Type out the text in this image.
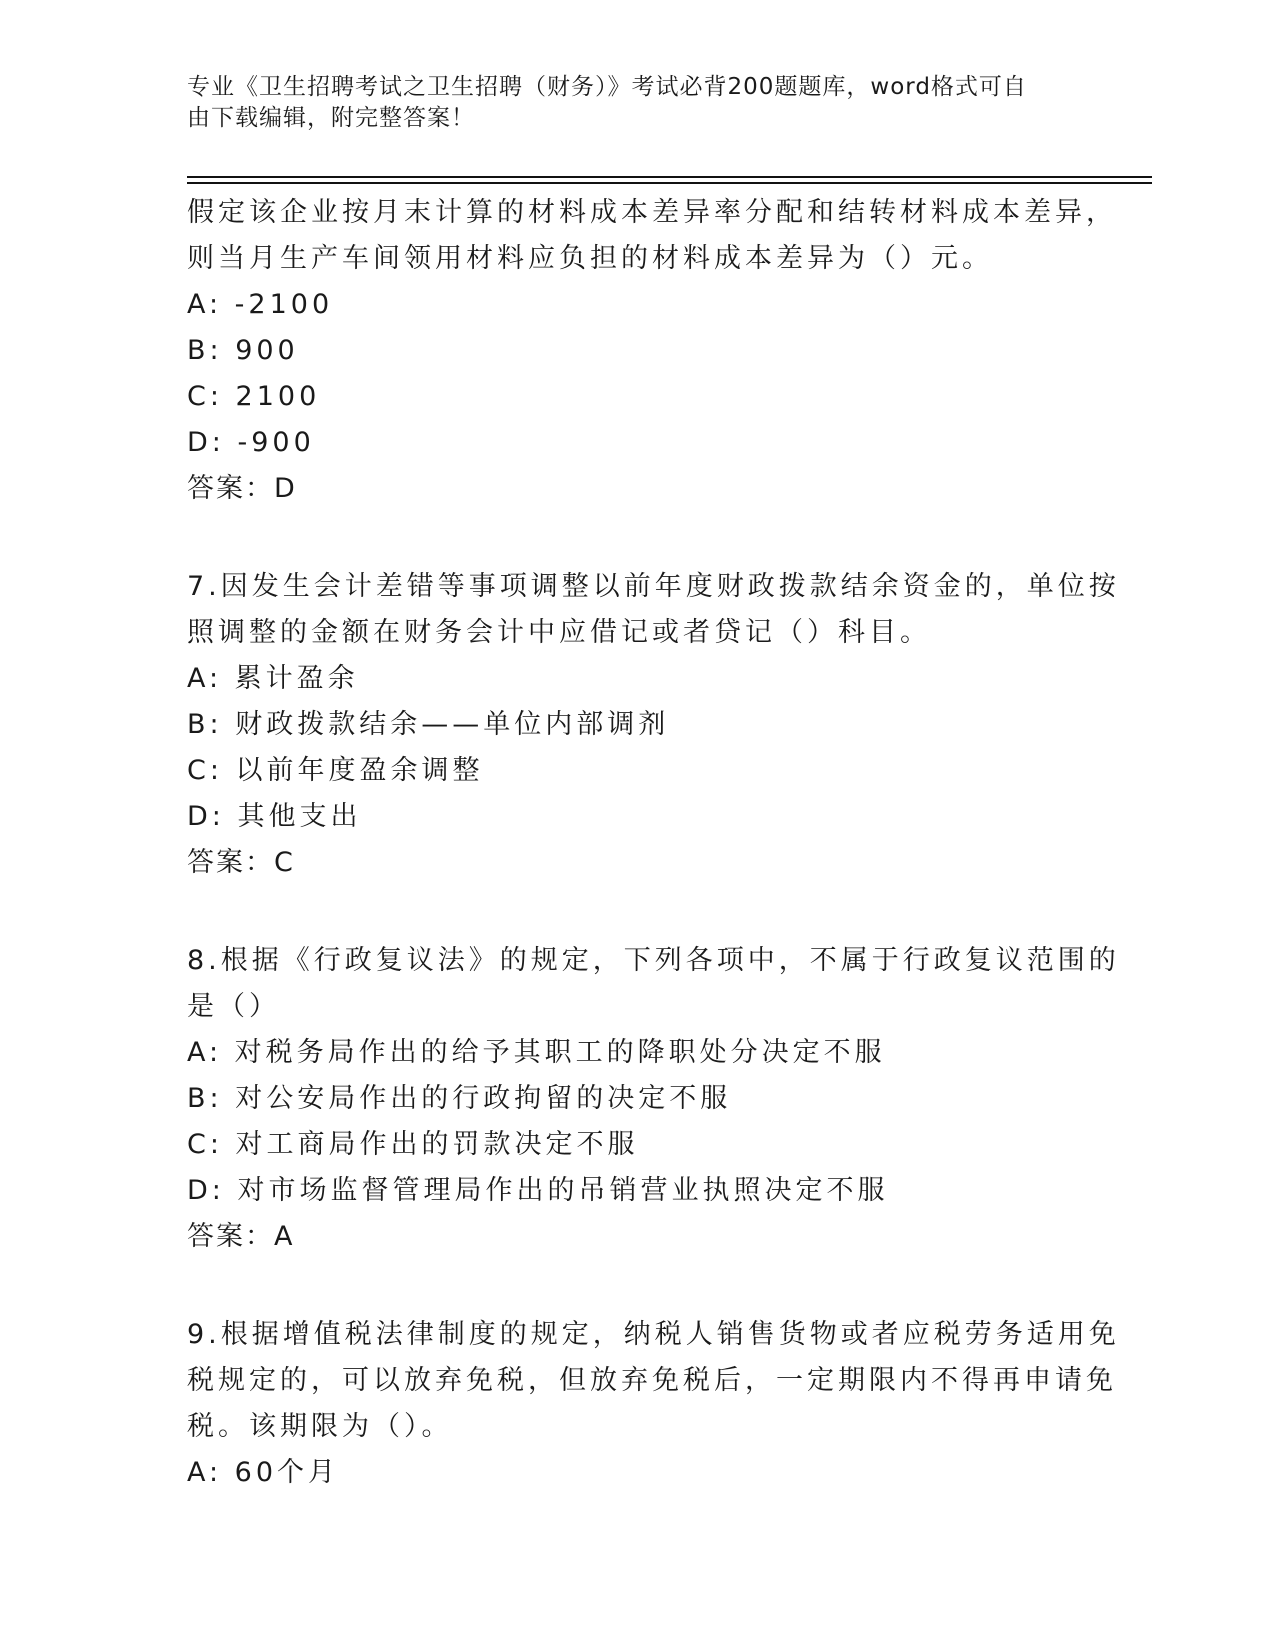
专业《卫生招聘考试之卫生招聘（财务）》考试必背200题题库，word格式可自
由下载编辑，附完整答案！
假定该企业按月末计算的材料成本差异率分配和结转材料成本差异，
则当月生产车间领用材料应负担的材料成本差异为（）元。
A: -2100
B: 900
C: 2100
D: -900
答案：D
7.因发生会计差错等事项调整以前年度财政拨款结余资金的，单位按
照调整的金额在财务会计中应借记或者贷记（）科目。
A: 累计盈余
B: 财政拨款结余——单位内部调剂
C: 以前年度盈余调整
D: 其他支出
答案：C
8.根据《行政复议法》的规定，下列各项中，不属于行政复议范围的
是（）
A: 对税务局作出的给予其职工的降职处分决定不服
B: 对公安局作出的行政拘留的决定不服
C: 对工商局作出的罚款决定不服
D: 对市场监督管理局作出的吊销营业执照决定不服
答案：A
9.根据增值税法律制度的规定，纳税人销售货物或者应税劳务适用免
税规定的，可以放弃免税，但放弃免税后，一定期限内不得再申请免
税。该期限为（）。
A: 60个月
